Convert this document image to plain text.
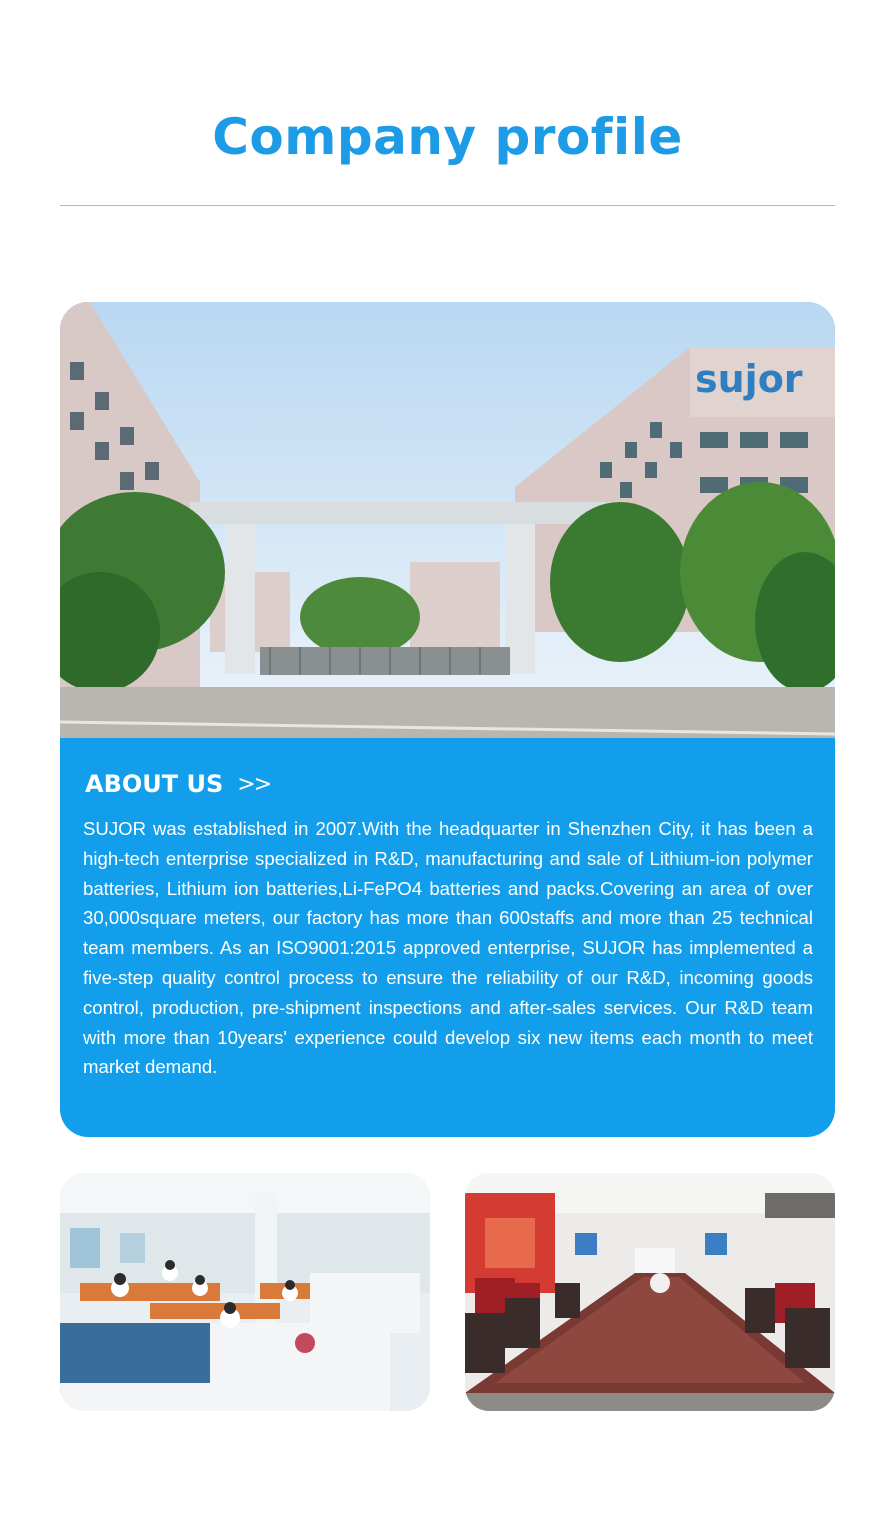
Company profile
sujor
ABOUT US >>

SUJOR was established in 2007.With the headquarter in Shenzhen City, it has been a high-tech enterprise specialized in R&D, manufacturing and sale of Lithium-ion polymer batteries, Lithium ion batteries,Li-FePO4 batteries and packs.Covering an area of over 30,000square meters, our factory has more than 600staffs and more than 25 technical team members. As an ISO9001:2015 approved enterprise, SUJOR has implemented a five-step quality control process to ensure the reliability of our R&D, incoming goods control, production, pre-shipment inspections and after-sales services. Our R&D team with more than 10years' experience could develop six new items each month to meet market demand.
